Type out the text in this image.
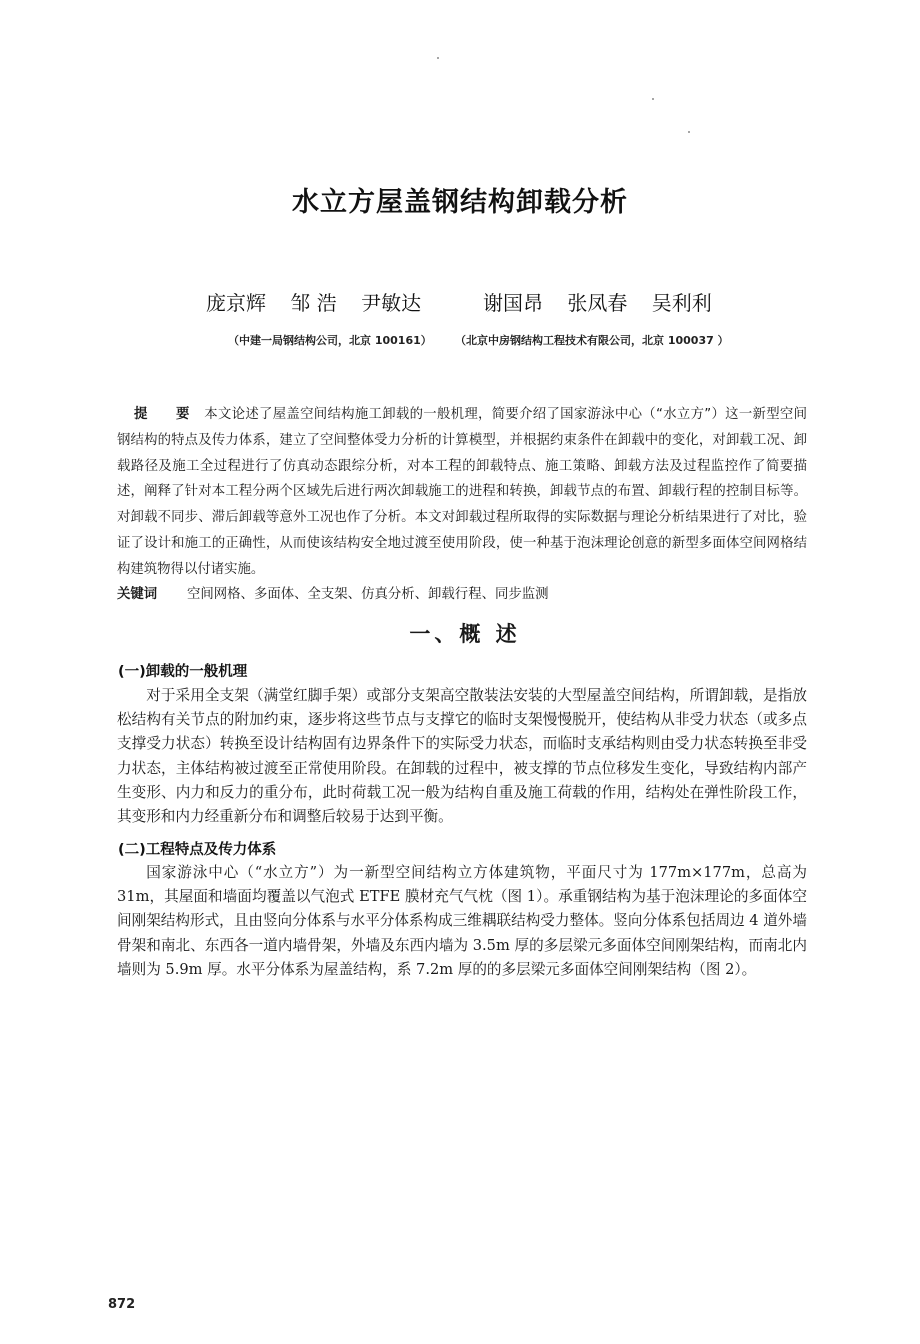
水立方屋盖钢结构卸载分析
庞京辉 邹 浩 尹敏达	谢国昂 张凤春 吴利利
（中建一局钢结构公司，北京 100161） （北京中房钢结构工程技术有限公司，北京 100037 ）
提 要 本文论述了屋盖空间结构施工卸载的一般机理，简要介绍了国家游泳中心（“水立方”）这一新型空间钢结构的特点及传力体系，建立了空间整体受力分析的计算模型，并根据约束条件在卸载中的变化，对卸载工况、卸载路径及施工全过程进行了仿真动态跟综分析，对本工程的卸载特点、施工策略、卸载方法及过程监控作了简要描述，阐释了针对本工程分两个区域先后进行两次卸载施工的进程和转换，卸载节点的布置、卸载行程的控制目标等。对卸载不同步、滞后卸载等意外工况也作了分析。本文对卸载过程所取得的实际数据与理论分析结果进行了对比，验证了设计和施工的正确性，从而使该结构安全地过渡至使用阶段，使一种基于泡沫理论创意的新型多面体空间网格结构建筑物得以付诸实施。
关键词 空间网格、多面体、全支架、仿真分析、卸载行程、同步监测
一、概 述
(一)卸载的一般机理

对于采用全支架（满堂红脚手架）或部分支架高空散装法安装的大型屋盖空间结构，所谓卸载，是指放松结构有关节点的附加约束，逐步将这些节点与支撑它的临时支架慢慢脱开，使结构从非受力状态（或多点支撑受力状态）转换至设计结构固有边界条件下的实际受力状态，而临时支承结构则由受力状态转换至非受力状态，主体结构被过渡至正常使用阶段。在卸载的过程中，被支撑的节点位移发生变化，导致结构内部产生变形、内力和反力的重分布，此时荷载工况一般为结构自重及施工荷载的作用，结构处在弹性阶段工作，其变形和内力经重新分布和调整后较易于达到平衡。

(二)工程特点及传力体系

国家游泳中心（“水立方”）为一新型空间结构立方体建筑物，平面尺寸为 177m×177m，总高为 31m，其屋面和墙面均覆盖以气泡式 ETFE 膜材充气气枕（图 1）。承重钢结构为基于泡沫理论的多面体空间刚架结构形式，且由竖向分体系与水平分体系构成三维耦联结构受力整体。竖向分体系包括周边 4 道外墙骨架和南北、东西各一道内墙骨架，外墙及东西内墙为 3.5m 厚的多层梁元多面体空间刚架结构，而南北内墙则为 5.9m 厚。水平分体系为屋盖结构，系 7.2m 厚的的多层梁元多面体空间刚架结构（图 2）。

872
